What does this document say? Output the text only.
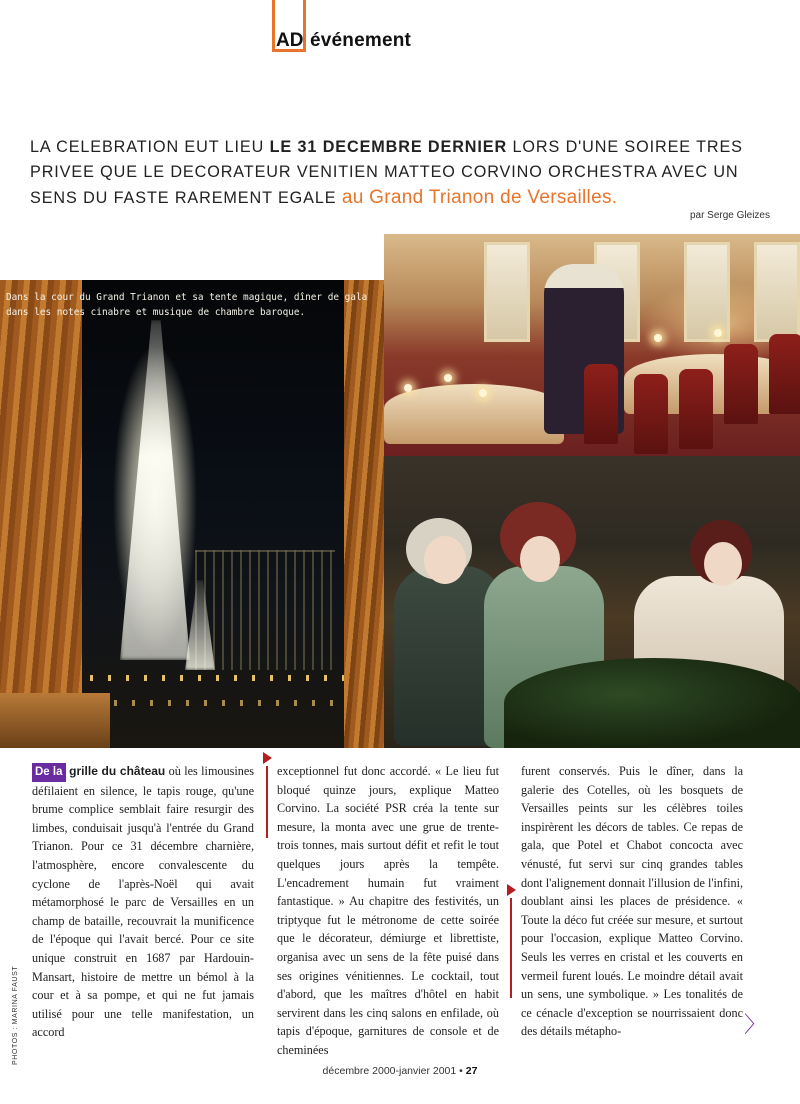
AD événement
LA CELEBRATION EUT LIEU LE 31 DECEMBRE DERNIER LORS D'UNE SOIREE TRES PRIVEE QUE LE DECORATEUR VENITIEN MATTEO CORVINO ORCHESTRA AVEC UN SENS DU FASTE RAREMENT EGALE au Grand Trianon de Versailles.
par Serge Gleizes
Dans la cour du Grand Trianon et sa tente magique, dîner de gala dans les notes cinabre et musique de chambre baroque.

De la grille du château où les limousines défilaient en silence, le tapis rouge, qu'une brume complice semblait faire resurgir des limbes, conduisait jusqu'à l'entrée du Grand Trianon. Pour ce 31 décembre charnière, l'atmosphère, encore convalescente du cyclone de l'après-Noël qui avait métamorphosé le parc de Versailles en un champ de bataille, recouvrait la munificence de l'époque qui l'avait bercé. Pour ce site unique construit en 1687 par Hardouin-Mansart, histoire de mettre un bémol à la cour et à sa pompe, et qui ne fut jamais utilisé pour une telle manifestation, un accord

exceptionnel fut donc accordé. « Le lieu fut bloqué quinze jours, explique Matteo Corvino. La société PSR créa la tente sur mesure, la monta avec une grue de trente-trois tonnes, mais surtout défit et refit le tout quelques jours après la tempête. L'encadrement humain fut vraiment fantastique. » Au chapitre des festivités, un triptyque fut le métronome de cette soirée que le décorateur, démiurge et librettiste, organisa avec un sens de la fête puisé dans ses origines vénitiennes. Le cocktail, tout d'abord, que les maîtres d'hôtel en habit servirent dans les cinq salons en enfilade, où tapis d'époque, garnitures de console et de cheminées

furent conservés. Puis le dîner, dans la galerie des Cotelles, où les bosquets de Versailles peints sur les célèbres toiles inspirèrent les décors de tables. Ce repas de gala, que Potel et Chabot concocta avec vénusté, fut servi sur cinq grandes tables dont l'alignement donnait l'illusion de l'infini, doublant ainsi les places de présidence. « Toute la déco fut créée sur mesure, et surtout pour l'occasion, explique Matteo Corvino. Seuls les verres en cristal et les couverts en vermeil furent loués. Le moindre détail avait un sens, une symbolique. » Les tonalités de ce cénacle d'exception se nourrissaient donc des détails métapho-	〉
PHOTOS : MARINA FAUST
décembre 2000-janvier 2001 • 27
